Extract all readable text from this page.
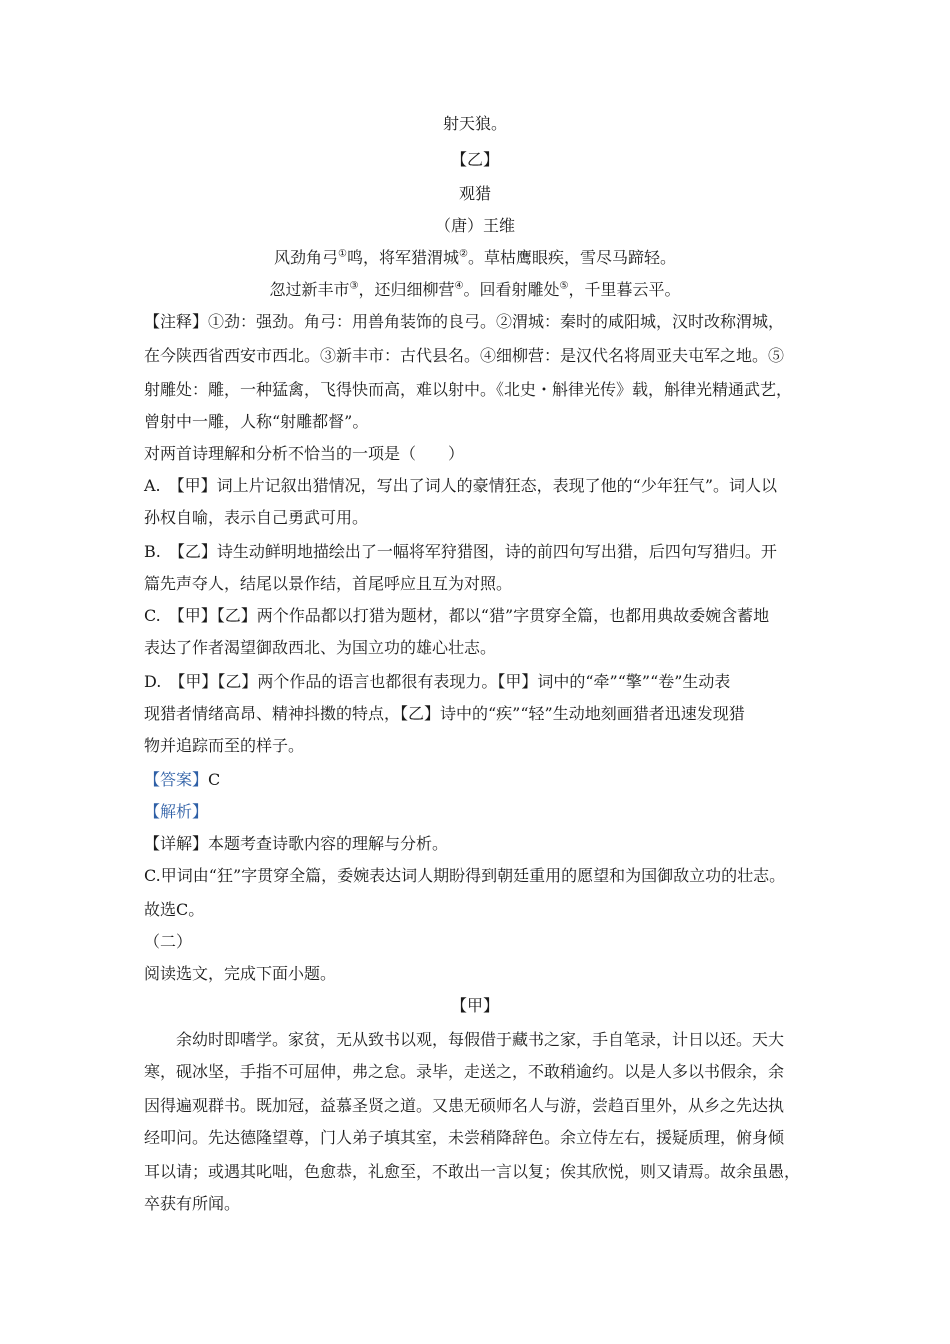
射天狼。
【乙】
观猎
（唐）王维
风劲角弓①鸣，将军猎渭城②。草枯鹰眼疾，雪尽马蹄轻。
忽过新丰市③，还归细柳营④。回看射雕处⑤，千里暮云平。
【注释】①劲：强劲。角弓：用兽角装饰的良弓。②渭城：秦时的咸阳城，汉时改称渭城，
在今陕西省西安市西北。③新丰市：古代县名。④细柳营：是汉代名将周亚夫屯军之地。⑤
射雕处：雕，一种猛禽，飞得快而高，难以射中。《北史・斛律光传》载，斛律光精通武艺，
曾射中一雕，人称“射雕都督”。
对两首诗理解和分析不恰当的一项是（　　）
A.　【甲】词上片记叙出猎情况，写出了词人的豪情狂态，表现了他的“少年狂气”。词人以
孙权自喻，表示自己勇武可用。
B.　【乙】诗生动鲜明地描绘出了一幅将军狩猎图，诗的前四句写出猎，后四句写猎归。开
篇先声夺人，结尾以景作结，首尾呼应且互为对照。
C.　【甲】【乙】两个作品都以打猎为题材，都以“猎”字贯穿全篇，也都用典故委婉含蓄地
表达了作者渴望御敌西北、为国立功的雄心壮志。
D.　【甲】【乙】两个作品的语言也都很有表现力。【甲】词中的“牵”“擎”“卷”生动表
现猎者情绪高昂、精神抖擞的特点，【乙】诗中的“疾”“轻”生动地刻画猎者迅速发现猎
物并追踪而至的样子。
【答案】C
【解析】
【详解】本题考查诗歌内容的理解与分析。
C.甲词由“狂”字贯穿全篇，委婉表达词人期盼得到朝廷重用的愿望和为国御敌立功的壮志。
故选C。
（二）
阅读选文，完成下面小题。
【甲】
余幼时即嗜学。家贫，无从致书以观，每假借于藏书之家，手自笔录，计日以还。天大
寒，砚冰坚，手指不可屈伸，弗之怠。录毕，走送之，不敢稍逾约。以是人多以书假余，余
因得遍观群书。既加冠，益慕圣贤之道。又患无硕师名人与游，尝趋百里外，从乡之先达执
经叩问。先达德隆望尊，门人弟子填其室，未尝稍降辞色。余立侍左右，援疑质理，俯身倾
耳以请；或遇其叱咄，色愈恭，礼愈至，不敢出一言以复；俟其欣悦，则又请焉。故余虽愚，
卒获有所闻。
